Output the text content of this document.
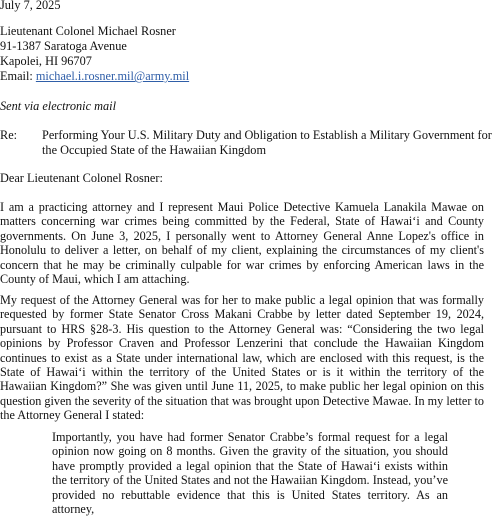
July 7, 2025

Lieutenant Colonel Michael Rosner

91-1387 Saratoga Avenue

Kapolei, HI 96707

Email: michael.i.rosner.mil@army.mil

Sent via electronic mail

Re: Performing Your U.S. Military Duty and Obligation to Establish a Military Government for

the Occupied State of the Hawaiian Kingdom

Dear Lieutenant Colonel Rosner:

I am a practicing attorney and I represent Maui Police Detective Kamuela Lanakila Mawae on matters concerning war crimes being committed by the Federal, State of Hawaiʻi and County governments. On June 3, 2025, I personally went to Attorney General Anne Lopez's office in Honolulu to deliver a letter, on behalf of my client, explaining the circumstances of my client's concern that he may be criminally culpable for war crimes by enforcing American laws in the County of Maui, which I am attaching.

My request of the Attorney General was for her to make public a legal opinion that was formally requested by former State Senator Cross Makani Crabbe by letter dated September 19, 2024, pursuant to HRS §28-3. His question to the Attorney General was: “Considering the two legal opinions by Professor Craven and Professor Lenzerini that conclude the Hawaiian Kingdom continues to exist as a State under international law, which are enclosed with this request, is the State of Hawaiʻi within the territory of the United States or is it within the territory of the Hawaiian Kingdom?” She was given until June 11, 2025, to make public her legal opinion on this question given the severity of the situation that was brought upon Detective Mawae. In my letter to the Attorney General I stated:

Importantly, you have had former Senator Crabbe’s formal request for a legal opinion now going on 8 months. Given the gravity of the situation, you should have promptly provided a legal opinion that the State of Hawaiʻi exists within the territory of the United States and not the Hawaiian Kingdom. Instead, you’ve provided no rebuttable evidence that this is United States territory. As an attorney,
